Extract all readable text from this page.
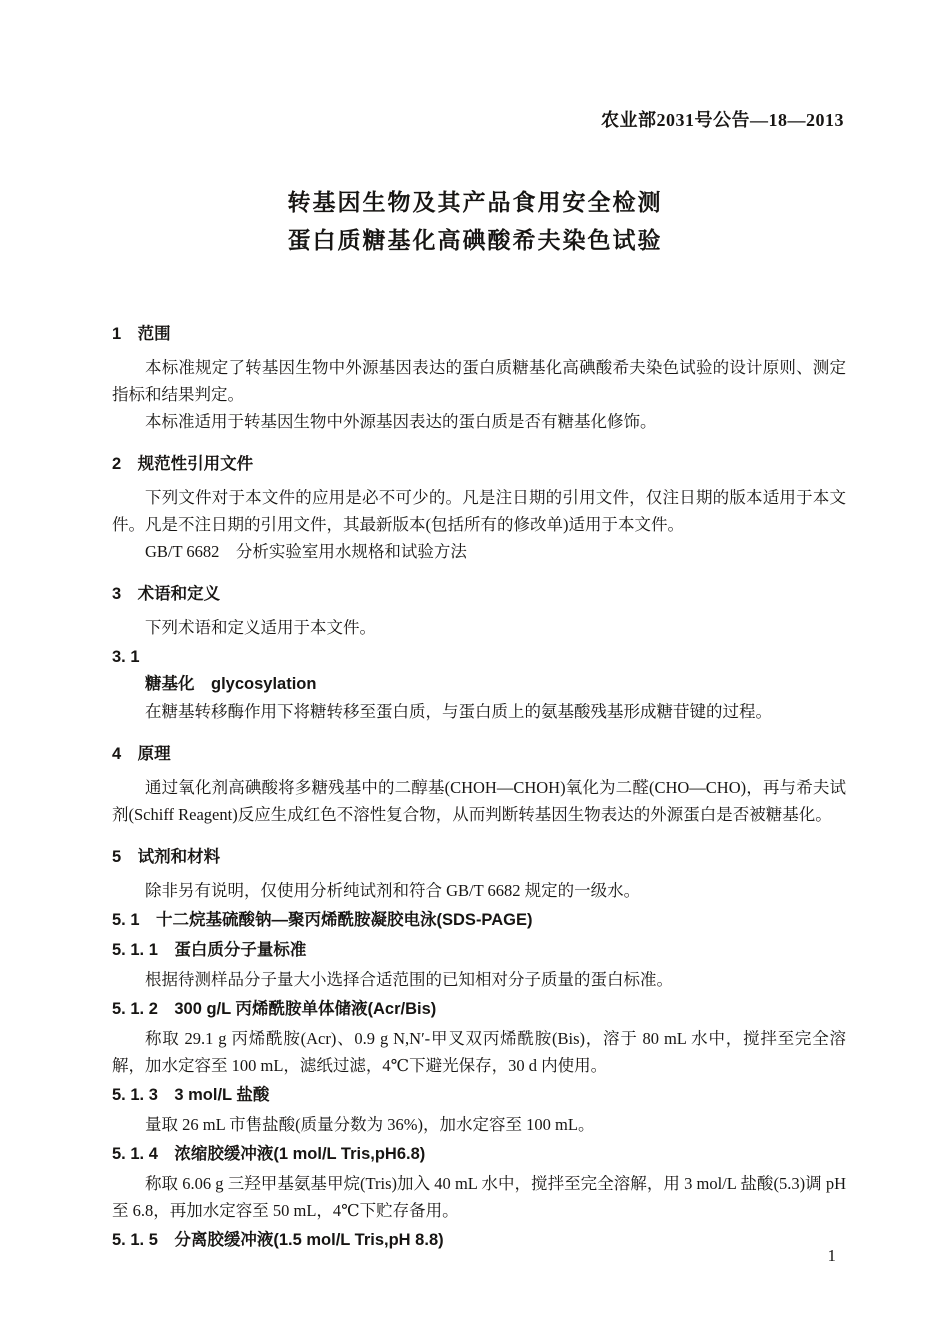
农业部2031号公告—18—2013
转基因生物及其产品食用安全检测
蛋白质糖基化高碘酸希夫染色试验
1　范围

本标准规定了转基因生物中外源基因表达的蛋白质糖基化高碘酸希夫染色试验的设计原则、测定指标和结果判定。

本标准适用于转基因生物中外源基因表达的蛋白质是否有糖基化修饰。

2　规范性引用文件

下列文件对于本文件的应用是必不可少的。凡是注日期的引用文件，仅注日期的版本适用于本文件。凡是不注日期的引用文件，其最新版本(包括所有的修改单)适用于本文件。

GB/T 6682　分析实验室用水规格和试验方法

3　术语和定义

下列术语和定义适用于本文件。

3. 1
糖基化　glycosylation

在糖基转移酶作用下将糖转移至蛋白质，与蛋白质上的氨基酸残基形成糖苷键的过程。

4　原理

通过氧化剂高碘酸将多糖残基中的二醇基(CHOH—CHOH)氧化为二醛(CHO—CHO)，再与希夫试剂(Schiff Reagent)反应生成红色不溶性复合物，从而判断转基因生物表达的外源蛋白是否被糖基化。

5　试剂和材料

除非另有说明，仅使用分析纯试剂和符合 GB/T 6682 规定的一级水。

5. 1　十二烷基硫酸钠—聚丙烯酰胺凝胶电泳(SDS-PAGE)
5. 1. 1　蛋白质分子量标准

根据待测样品分子量大小选择合适范围的已知相对分子质量的蛋白标准。

5. 1. 2　300 g/L 丙烯酰胺单体储液(Acr/Bis)

称取 29.1 g 丙烯酰胺(Acr)、0.9 g N,N′-甲叉双丙烯酰胺(Bis)，溶于 80 mL 水中，搅拌至完全溶解，加水定容至 100 mL，滤纸过滤，4℃下避光保存，30 d 内使用。

5. 1. 3　3 mol/L 盐酸

量取 26 mL 市售盐酸(质量分数为 36%)，加水定容至 100 mL。

5. 1. 4　浓缩胶缓冲液(1 mol/L Tris,pH6.8)

称取 6.06 g 三羟甲基氨基甲烷(Tris)加入 40 mL 水中，搅拌至完全溶解，用 3 mol/L 盐酸(5.3)调 pH 至 6.8，再加水定容至 50 mL，4℃下贮存备用。

5. 1. 5　分离胶缓冲液(1.5 mol/L Tris,pH 8.8)
1
